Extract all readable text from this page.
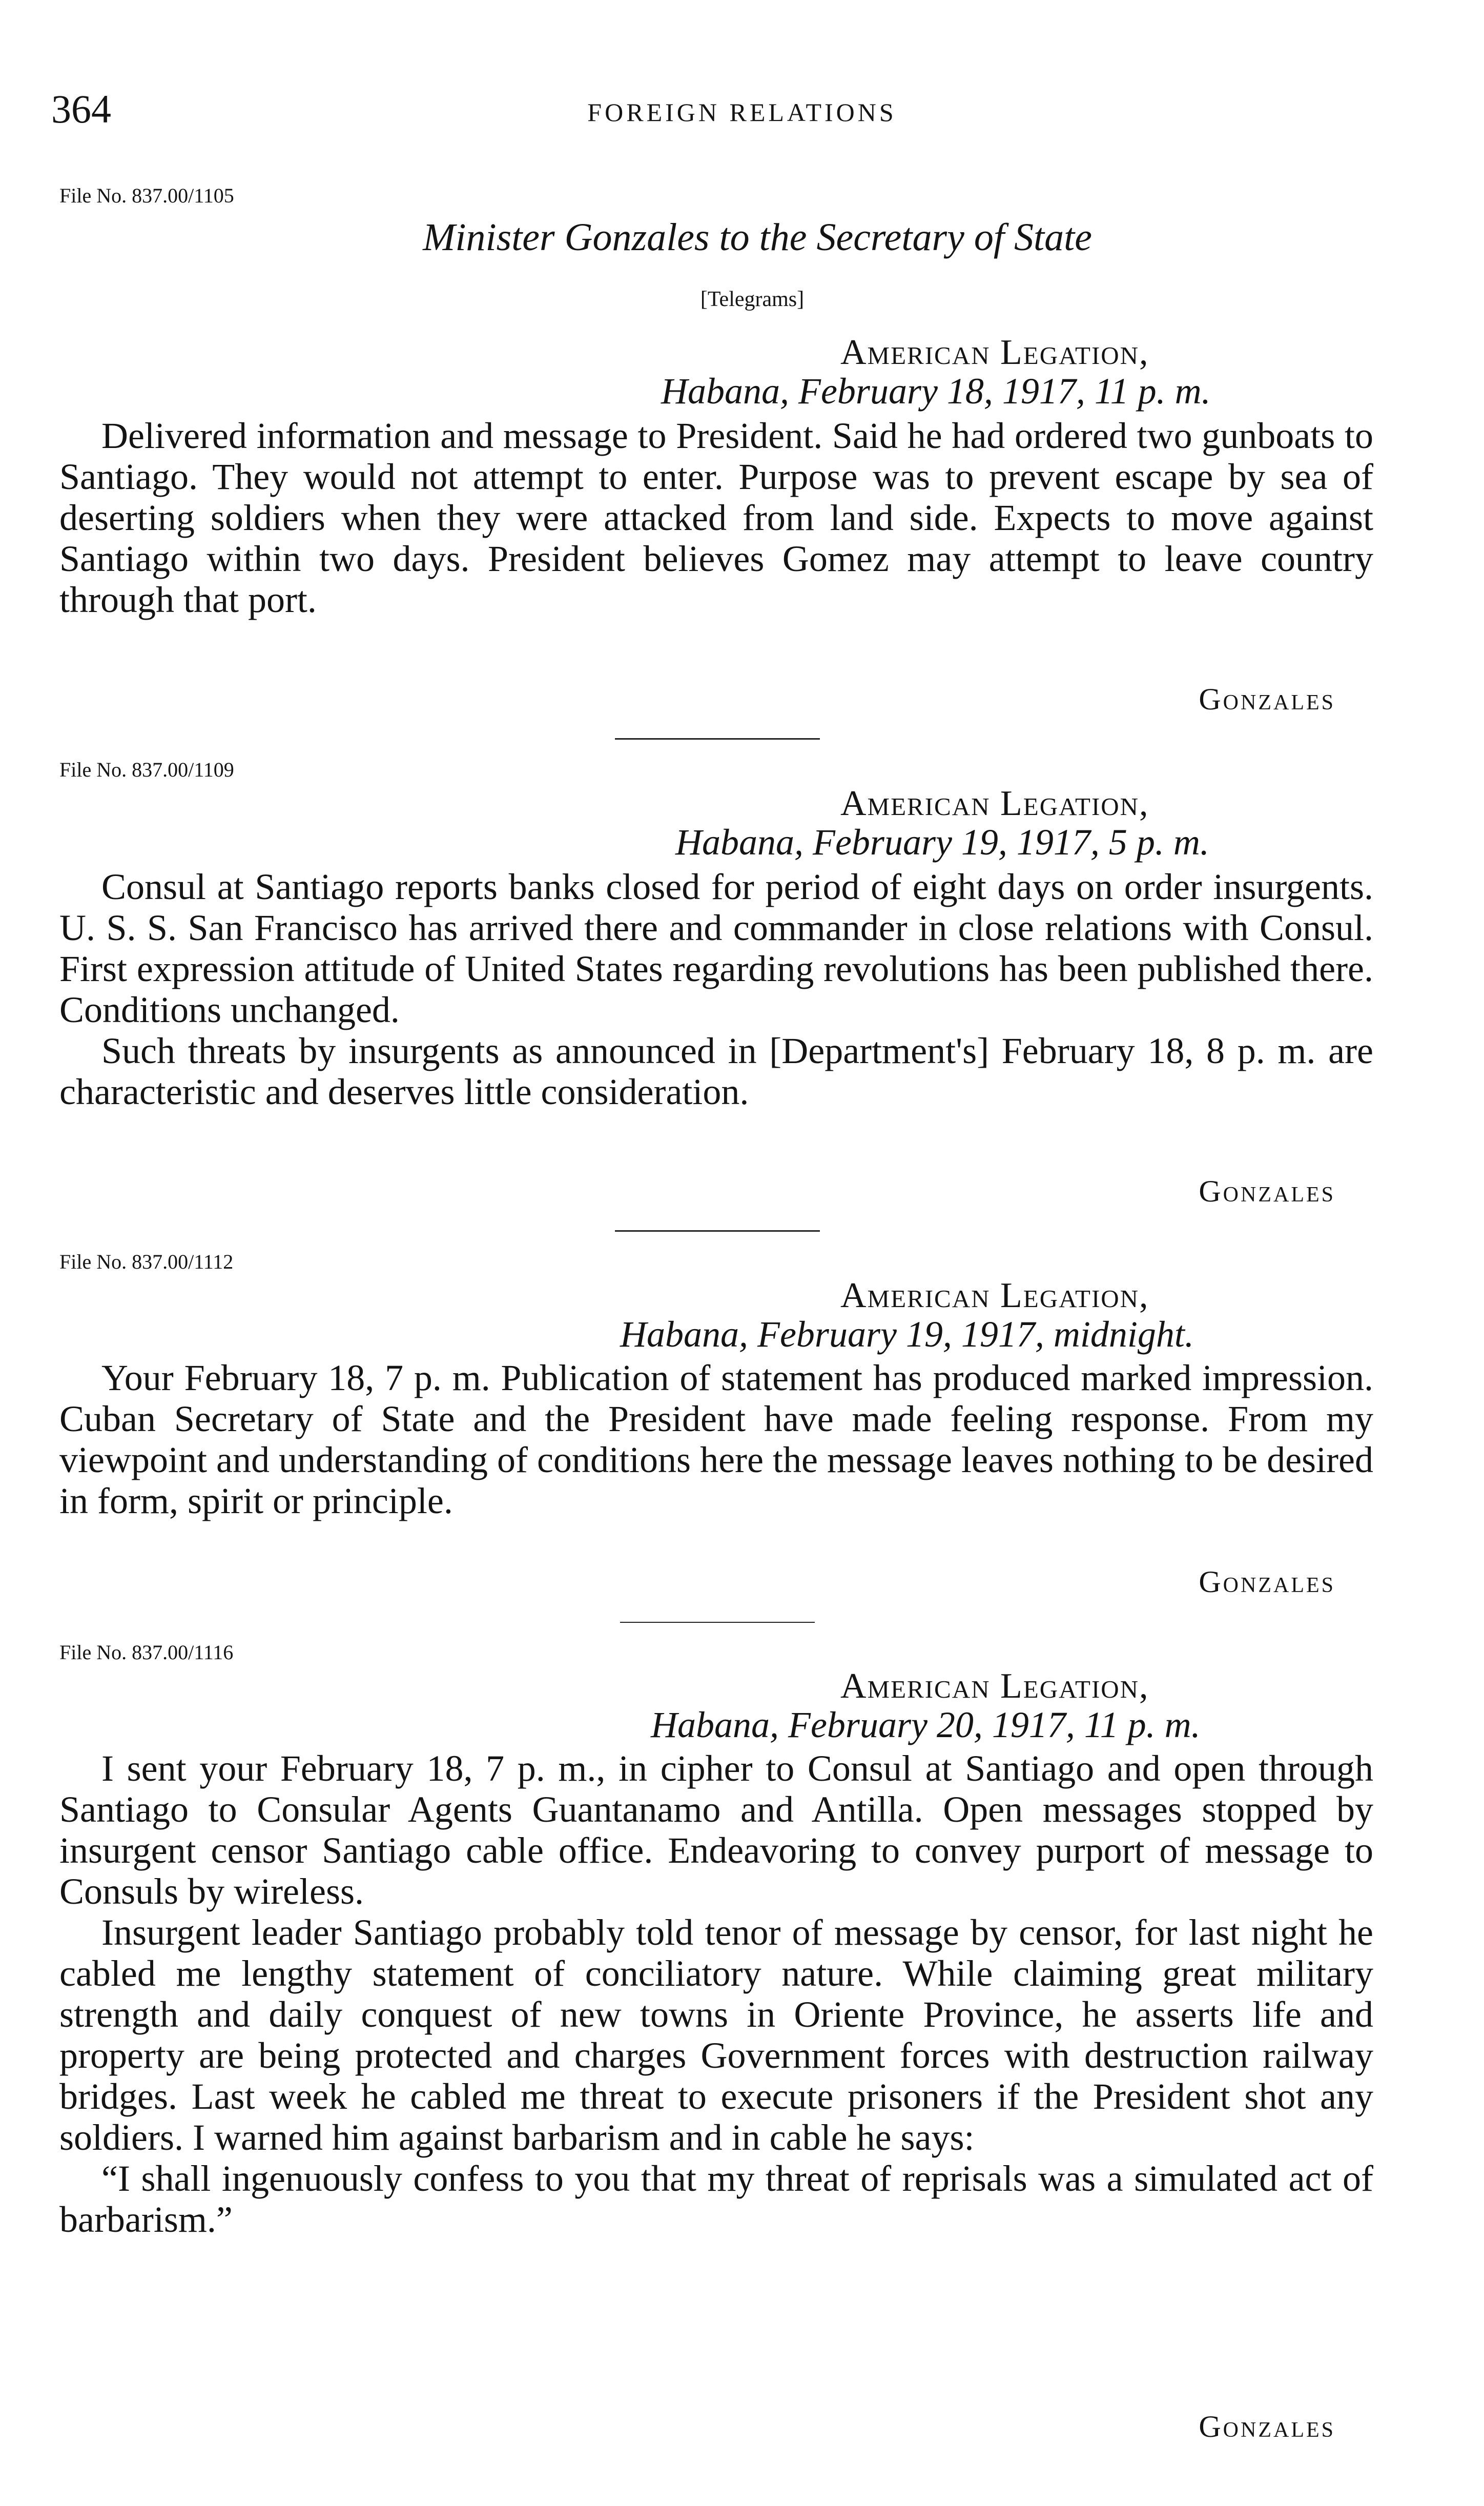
364	FOREIGN RELATIONS
File No. 837.00/1105
Minister Gonzales to the Secretary of State
[Telegrams]
American Legation,
Habana, February 18, 1917, 11 p. m.

Delivered information and message to President. Said he had ordered two gunboats to Santiago. They would not attempt to enter. Purpose was to prevent escape by sea of deserting soldiers when they were attacked from land side. Expects to move against Santiago within two days. President believes Gomez may attempt to leave country through that port.

Gonzales
File No. 837.00/1109
American Legation,
Habana, February 19, 1917, 5 p. m.

Consul at Santiago reports banks closed for period of eight days on order insurgents. U. S. S. San Francisco has arrived there and commander in close relations with Consul. First expression attitude of United States regarding revolutions has been published there. Conditions unchanged.

Such threats by insurgents as announced in [Department's] February 18, 8 p. m. are characteristic and deserves little consideration.

Gonzales
File No. 837.00/1112
American Legation,
Habana, February 19, 1917, midnight.

Your February 18, 7 p. m. Publication of statement has produced marked impression. Cuban Secretary of State and the President have made feeling response. From my viewpoint and understanding of conditions here the message leaves nothing to be desired in form, spirit or principle.

Gonzales
File No. 837.00/1116
American Legation,
Habana, February 20, 1917, 11 p. m.

I sent your February 18, 7 p. m., in cipher to Consul at Santiago and open through Santiago to Consular Agents Guantanamo and Antilla. Open messages stopped by insurgent censor Santiago cable office. Endeavoring to convey purport of message to Consuls by wireless.

Insurgent leader Santiago probably told tenor of message by censor, for last night he cabled me lengthy statement of conciliatory nature. While claiming great military strength and daily conquest of new towns in Oriente Province, he asserts life and property are being protected and charges Government forces with destruction railway bridges. Last week he cabled me threat to execute prisoners if the President shot any soldiers. I warned him against barbarism and in cable he says:

“I shall ingenuously confess to you that my threat of reprisals was a simulated act of barbarism.”

Gonzales
